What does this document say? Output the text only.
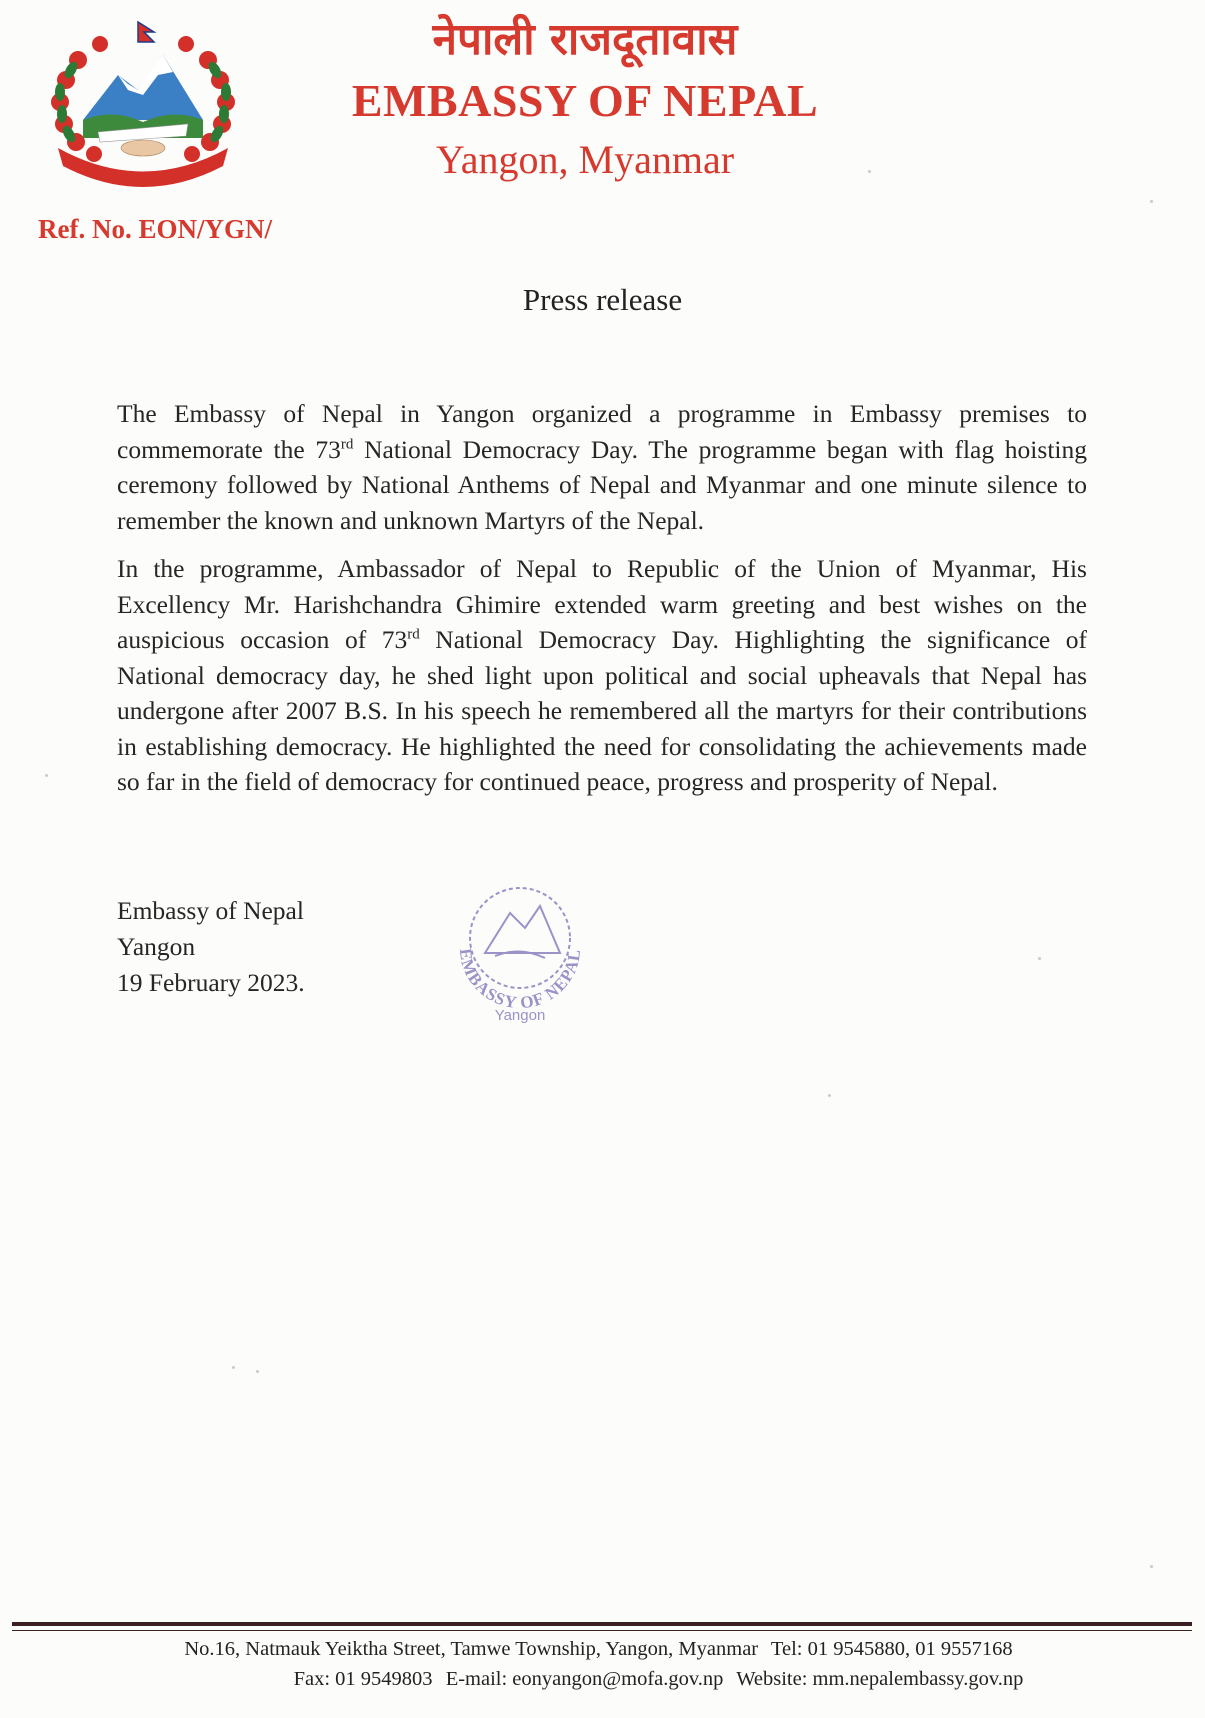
नेपाली राजदूतावास
EMBASSY OF NEPAL
Yangon, Myanmar
Ref. No. EON/YGN/
Press release

The Embassy of Nepal in Yangon organized a programme in Embassy premises to commemorate the 73rd National Democracy Day. The programme began with flag hoisting ceremony followed by National Anthems of Nepal and Myanmar and one minute silence to remember the known and unknown Martyrs of the Nepal.

In the programme, Ambassador of Nepal to Republic of the Union of Myanmar, His Excellency Mr. Harishchandra Ghimire extended warm greeting and best wishes on the auspicious occasion of 73rd National Democracy Day. Highlighting the significance of National democracy day, he shed light upon political and social upheavals that Nepal has undergone after 2007 B.S. In his speech he remembered all the martyrs for their contributions in establishing democracy. He highlighted the need for consolidating the achievements made so far in the field of democracy for continued peace, progress and prosperity of Nepal.

Embassy of Nepal
Yangon
19 February 2023.
EMBASSY OF NEPAL
Yangon
No.16, Natmauk Yeiktha Street, Tamwe Township, Yangon, Myanmar Tel: 01 9545880, 01 9557168
Fax: 01 9549803 E-mail: eonyangon@mofa.gov.np Website: mm.nepalembassy.gov.np
